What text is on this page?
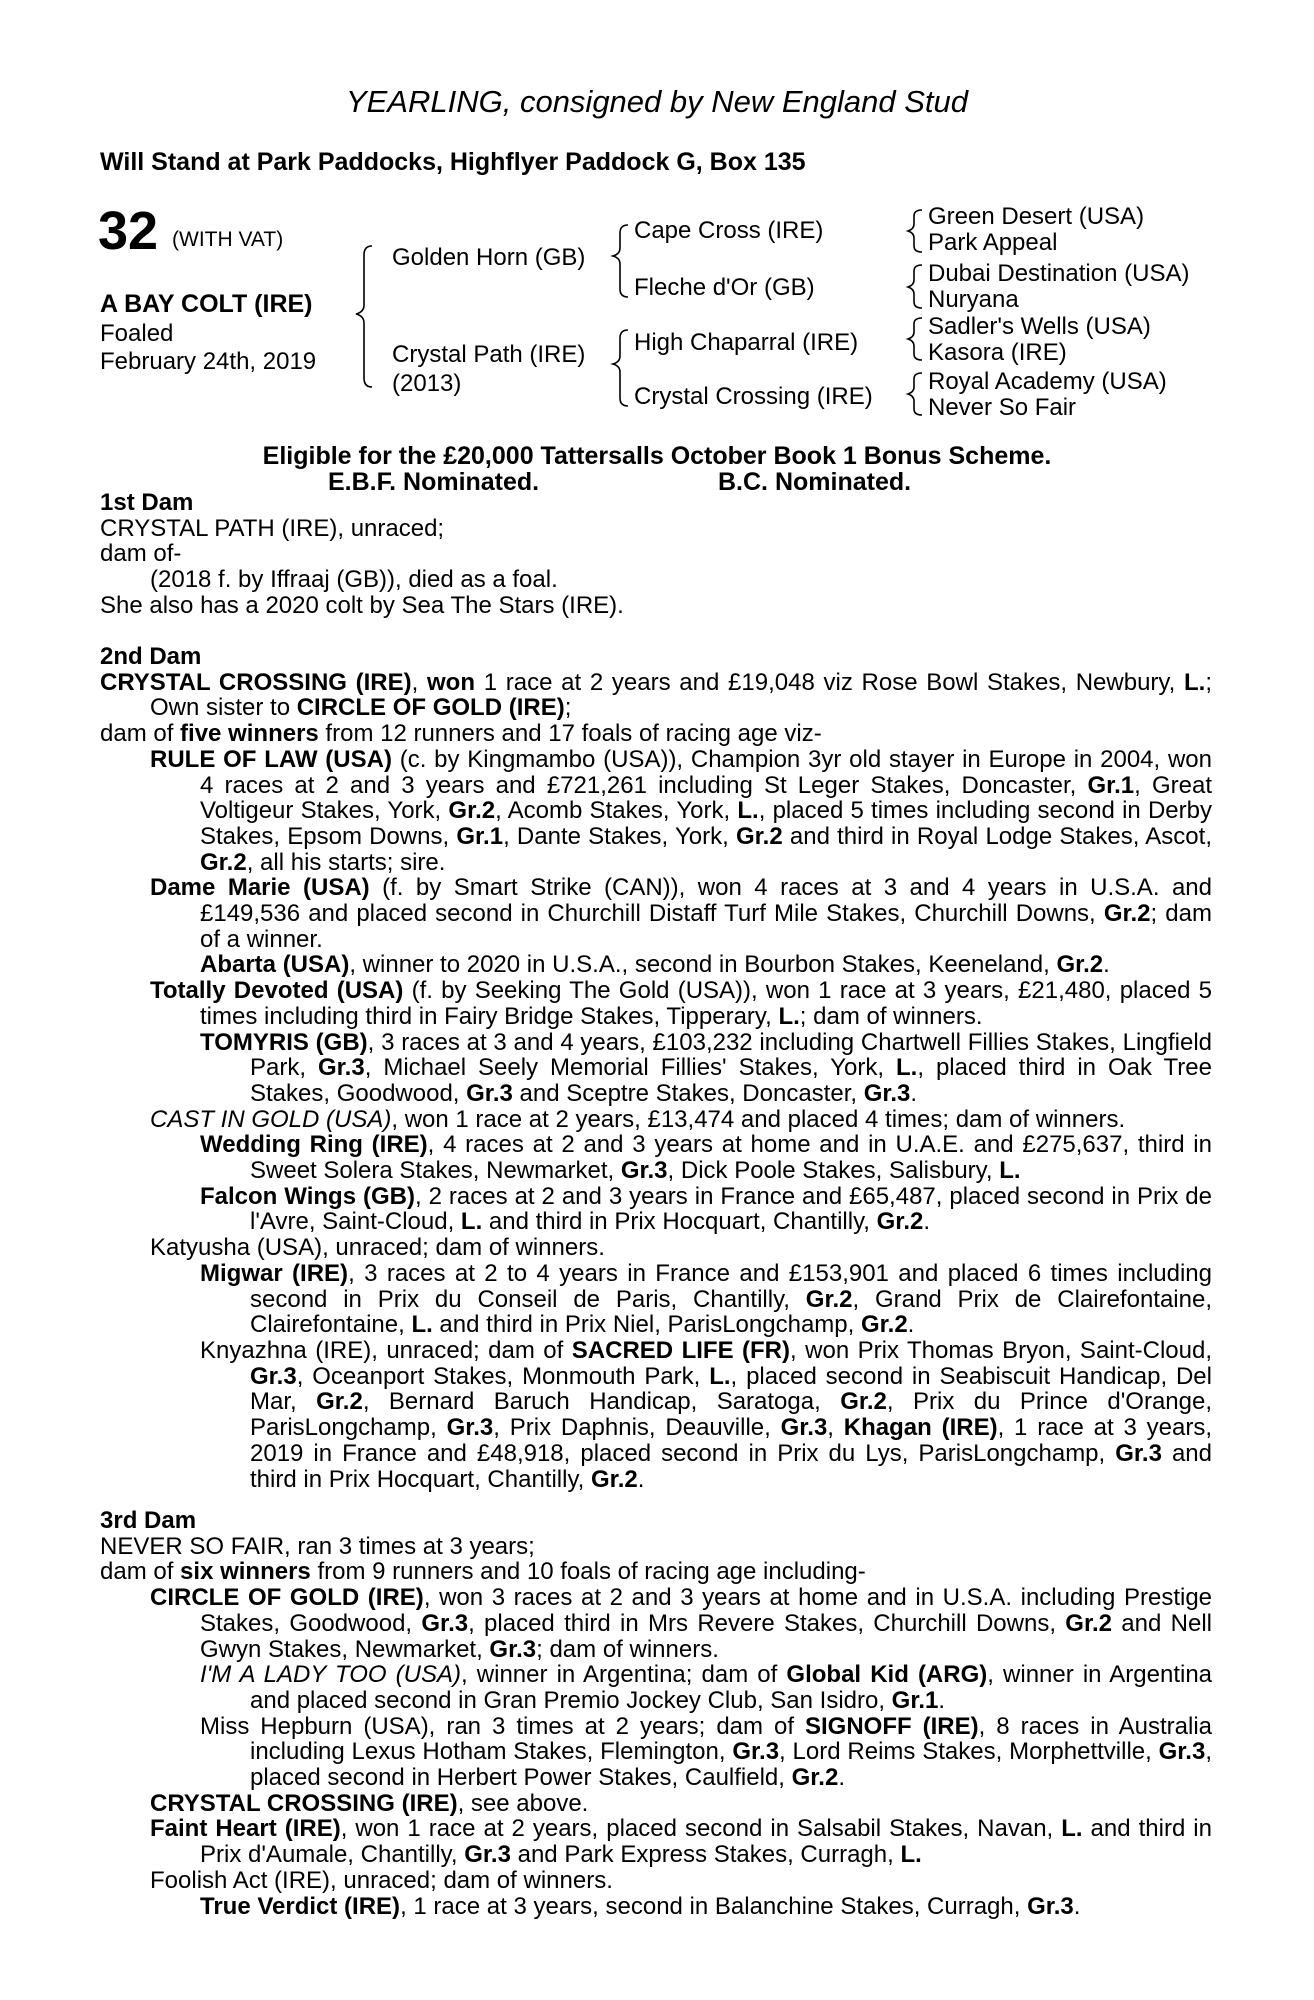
YEARLING, consigned by New England Stud
Will Stand at Park Paddocks, Highflyer Paddock G, Box 135
32 (WITH VAT)
A BAY COLT (IRE)
Foaled
February 24th, 2019
Golden Horn (GB)
Crystal Path (IRE)
(2013)
Cape Cross (IRE)
Fleche d'Or (GB)
High Chaparral (IRE)
Crystal Crossing (IRE)
Green Desert (USA)
Park Appeal
Dubai Destination (USA)
Nuryana
Sadler's Wells (USA)
Kasora (IRE)
Royal Academy (USA)
Never So Fair
Eligible for the £20,000 Tattersalls October Book 1 Bonus Scheme.
E.B.F. Nominated.	B.C. Nominated.
1st Dam
CRYSTAL PATH (IRE), unraced;
dam of-
(2018 f. by Iffraaj (GB)), died as a foal.
She also has a 2020 colt by Sea The Stars (IRE).
2nd Dam
CRYSTAL CROSSING (IRE), won 1 race at 2 years and £19,048 viz Rose Bowl Stakes, Newbury, L.; Own sister to CIRCLE OF GOLD (IRE);
dam of five winners from 12 runners and 17 foals of racing age viz-
RULE OF LAW (USA) (c. by Kingmambo (USA)), Champion 3yr old stayer in Europe in 2004, won 4 races at 2 and 3 years and £721,261 including St Leger Stakes, Doncaster, Gr.1, Great Voltigeur Stakes, York, Gr.2, Acomb Stakes, York, L., placed 5 times including second in Derby Stakes, Epsom Downs, Gr.1, Dante Stakes, York, Gr.2 and third in Royal Lodge Stakes, Ascot, Gr.2, all his starts; sire.
Dame Marie (USA) (f. by Smart Strike (CAN)), won 4 races at 3 and 4 years in U.S.A. and £149,536 and placed second in Churchill Distaff Turf Mile Stakes, Churchill Downs, Gr.2; dam of a winner.
Abarta (USA), winner to 2020 in U.S.A., second in Bourbon Stakes, Keeneland, Gr.2.
Totally Devoted (USA) (f. by Seeking The Gold (USA)), won 1 race at 3 years, £21,480, placed 5 times including third in Fairy Bridge Stakes, Tipperary, L.; dam of winners.
TOMYRIS (GB), 3 races at 3 and 4 years, £103,232 including Chartwell Fillies Stakes, Lingfield Park, Gr.3, Michael Seely Memorial Fillies' Stakes, York, L., placed third in Oak Tree Stakes, Goodwood, Gr.3 and Sceptre Stakes, Doncaster, Gr.3.
CAST IN GOLD (USA), won 1 race at 2 years, £13,474 and placed 4 times; dam of winners.
Wedding Ring (IRE), 4 races at 2 and 3 years at home and in U.A.E. and £275,637, third in Sweet Solera Stakes, Newmarket, Gr.3, Dick Poole Stakes, Salisbury, L.
Falcon Wings (GB), 2 races at 2 and 3 years in France and £65,487, placed second in Prix de l'Avre, Saint-Cloud, L. and third in Prix Hocquart, Chantilly, Gr.2.
Katyusha (USA), unraced; dam of winners.
Migwar (IRE), 3 races at 2 to 4 years in France and £153,901 and placed 6 times including second in Prix du Conseil de Paris, Chantilly, Gr.2, Grand Prix de Clairefontaine, Clairefontaine, L. and third in Prix Niel, ParisLongchamp, Gr.2.
Knyazhna (IRE), unraced; dam of SACRED LIFE (FR), won Prix Thomas Bryon, Saint-Cloud, Gr.3, Oceanport Stakes, Monmouth Park, L., placed second in Seabiscuit Handicap, Del Mar, Gr.2, Bernard Baruch Handicap, Saratoga, Gr.2, Prix du Prince d'Orange, ParisLongchamp, Gr.3, Prix Daphnis, Deauville, Gr.3, Khagan (IRE), 1 race at 3 years, 2019 in France and £48,918, placed second in Prix du Lys, ParisLongchamp, Gr.3 and third in Prix Hocquart, Chantilly, Gr.2.
3rd Dam
NEVER SO FAIR, ran 3 times at 3 years;
dam of six winners from 9 runners and 10 foals of racing age including-
CIRCLE OF GOLD (IRE), won 3 races at 2 and 3 years at home and in U.S.A. including Prestige Stakes, Goodwood, Gr.3, placed third in Mrs Revere Stakes, Churchill Downs, Gr.2 and Nell Gwyn Stakes, Newmarket, Gr.3; dam of winners.
I'M A LADY TOO (USA), winner in Argentina; dam of Global Kid (ARG), winner in Argentina and placed second in Gran Premio Jockey Club, San Isidro, Gr.1.
Miss Hepburn (USA), ran 3 times at 2 years; dam of SIGNOFF (IRE), 8 races in Australia including Lexus Hotham Stakes, Flemington, Gr.3, Lord Reims Stakes, Morphettville, Gr.3, placed second in Herbert Power Stakes, Caulfield, Gr.2.
CRYSTAL CROSSING (IRE), see above.
Faint Heart (IRE), won 1 race at 2 years, placed second in Salsabil Stakes, Navan, L. and third in Prix d'Aumale, Chantilly, Gr.3 and Park Express Stakes, Curragh, L.
Foolish Act (IRE), unraced; dam of winners.
True Verdict (IRE), 1 race at 3 years, second in Balanchine Stakes, Curragh, Gr.3.
